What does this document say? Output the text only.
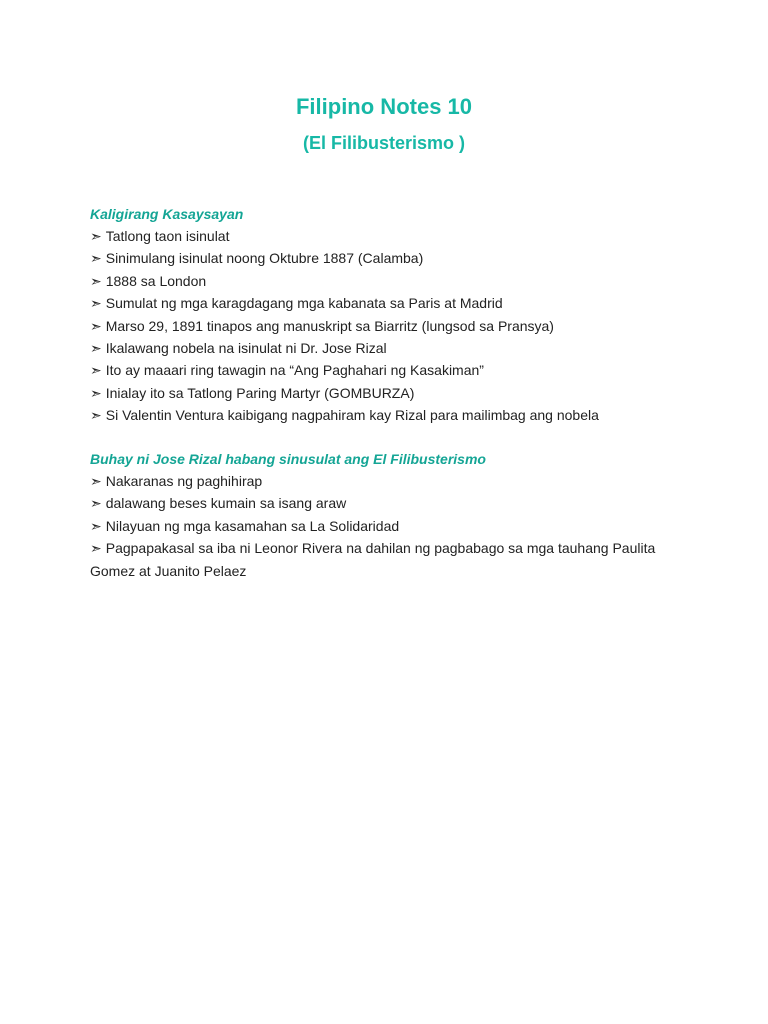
Filipino Notes 10
(El Filibusterismo )

Kaligirang Kasaysayan

➣ Tatlong taon isinulat
➣ Sinimulang isinulat noong Oktubre 1887 (Calamba)
➣ 1888 sa London
➣ Sumulat ng mga karagdagang mga kabanata sa Paris at Madrid
➣ Marso 29, 1891 tinapos ang manuskript sa Biarritz (lungsod sa Pransya)
➣ Ikalawang nobela na isinulat ni Dr. Jose Rizal
➣ Ito ay maaari ring tawagin na “Ang Paghahari ng Kasakiman”
➣ Inialay ito sa Tatlong Paring Martyr (GOMBURZA)
➣ Si Valentin Ventura kaibigang nagpahiram kay Rizal para mailimbag ang nobela

Buhay ni Jose Rizal habang sinusulat ang El Filibusterismo

➣ Nakaranas ng paghihirap
➣ dalawang beses kumain sa isang araw
➣ Nilayuan ng mga kasamahan sa La Solidaridad
➣ Pagpapakasal sa iba ni Leonor Rivera na dahilan ng pagbabago sa mga tauhang Paulita Gomez at Juanito Pelaez
